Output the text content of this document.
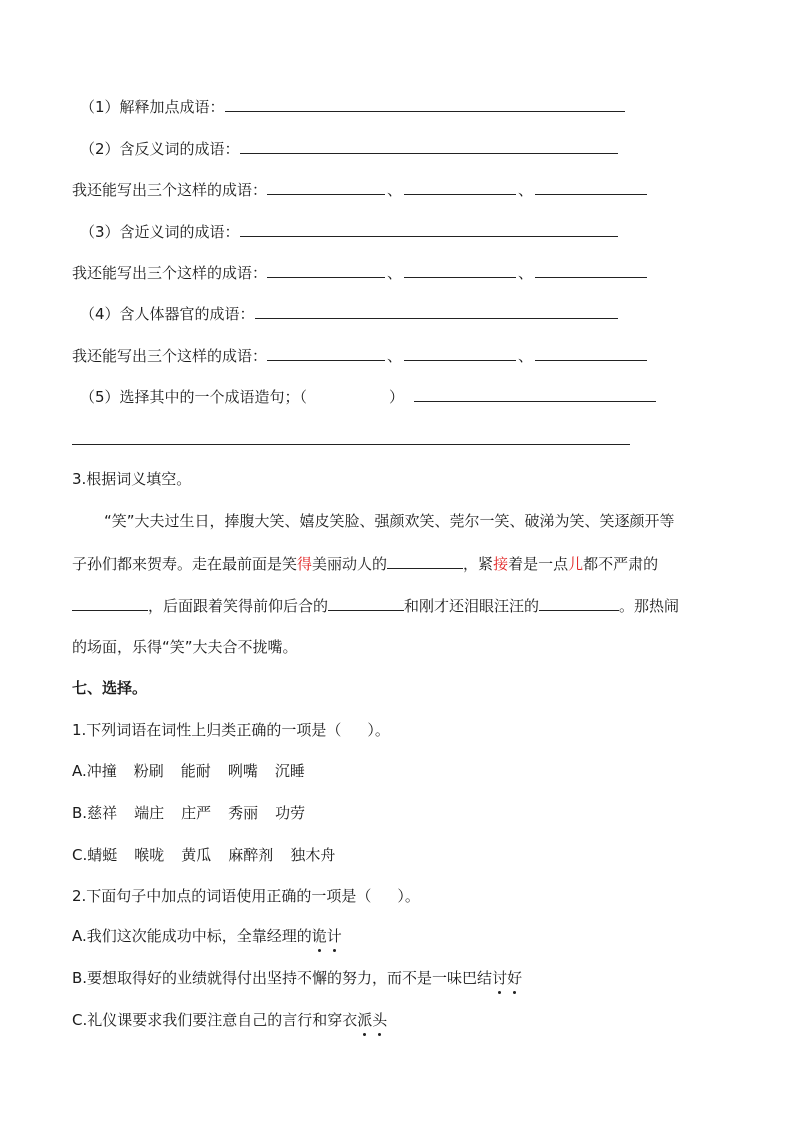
（1）解释加点成语：
（2）含反义词的成语：
我还能写出三个这样的成语：	、	、
（3）含近义词的成语：
我还能写出三个这样的成语：	、	、
（4）含人体器官的成语：
我还能写出三个这样的成语：	、	、
（5）选择其中的一个成语造句；（	）
3.根据词义填空。
“笑”大夫过生日，捧腹大笑、嬉皮笑脸、强颜欢笑、莞尔一笑、破涕为笑、笑逐颜开等
子孙们都来贺寿。走在最前面是笑得美丽动人的	，紧接着是一点儿都不严肃的
，后面跟着笑得前仰后合的	和刚才还泪眼汪汪的	。那热闹
的场面，乐得“笑”大夫合不拢嘴。
七、选择。
1.下列词语在词性上归类正确的一项是（ ）。
A.冲撞 粉刷 能耐 咧嘴 沉睡
B.慈祥 端庄 庄严 秀丽 功劳
C.蜻蜓 喉咙 黄瓜 麻醉剂 独木舟
2.下面句子中加点的词语使用正确的一项是（ ）。
A.我们这次能成功中标，全靠经理的诡计
B.要想取得好的业绩就得付出坚持不懈的努力，而不是一味巴结讨好
C.礼仪课要求我们要注意自己的言行和穿衣派头
